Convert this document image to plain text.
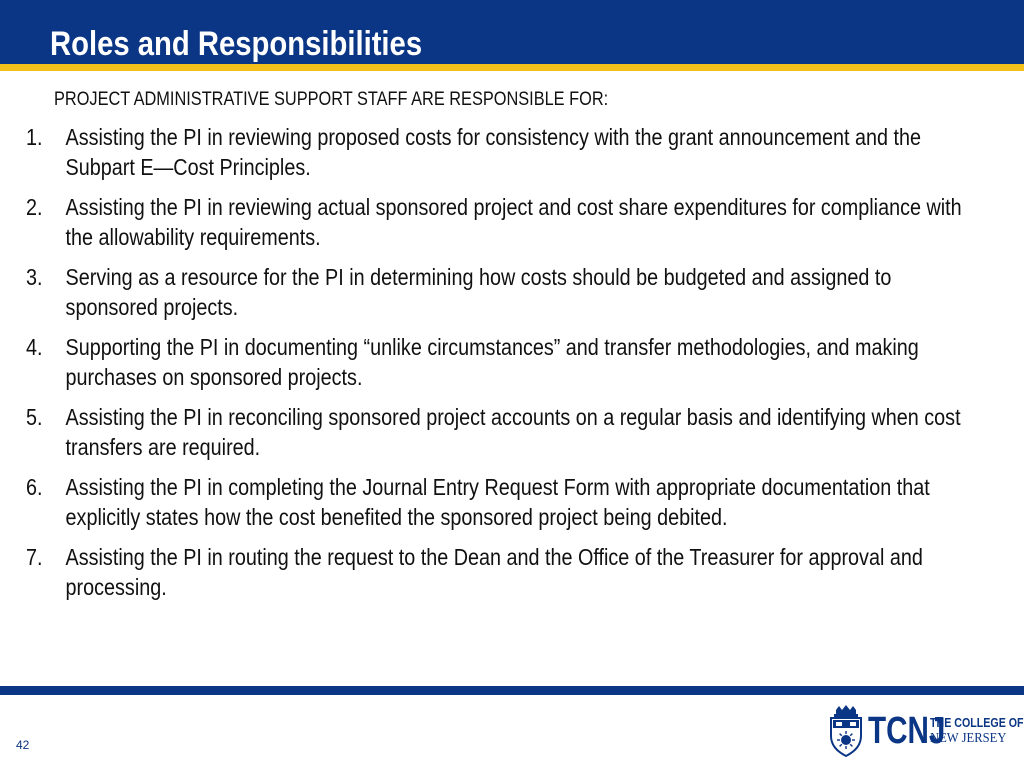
Roles and Responsibilities

PROJECT ADMINISTRATIVE SUPPORT STAFF ARE RESPONSIBLE FOR:

1. Assisting the PI in reviewing proposed costs for consistency with the grant announcement and the Subpart E—Cost Principles.
2. Assisting the PI in reviewing actual sponsored project and cost share expenditures for compliance with the allowability requirements.
3. Serving as a resource for the PI in determining how costs should be budgeted and assigned to sponsored projects.
4. Supporting the PI in documenting “unlike circumstances” and transfer methodologies, and making purchases on sponsored projects.
5. Assisting the PI in reconciling sponsored project accounts on a regular basis and identifying when cost transfers are required.
6. Assisting the PI in completing the Journal Entry Request Form with appropriate documentation that explicitly states how the cost benefited the sponsored project being debited.
7. Assisting the PI in routing the request to the Dean and the Office of the Treasurer for approval and processing.
42	TCNJ
THE COLLEGE OF
NEW JERSEY
